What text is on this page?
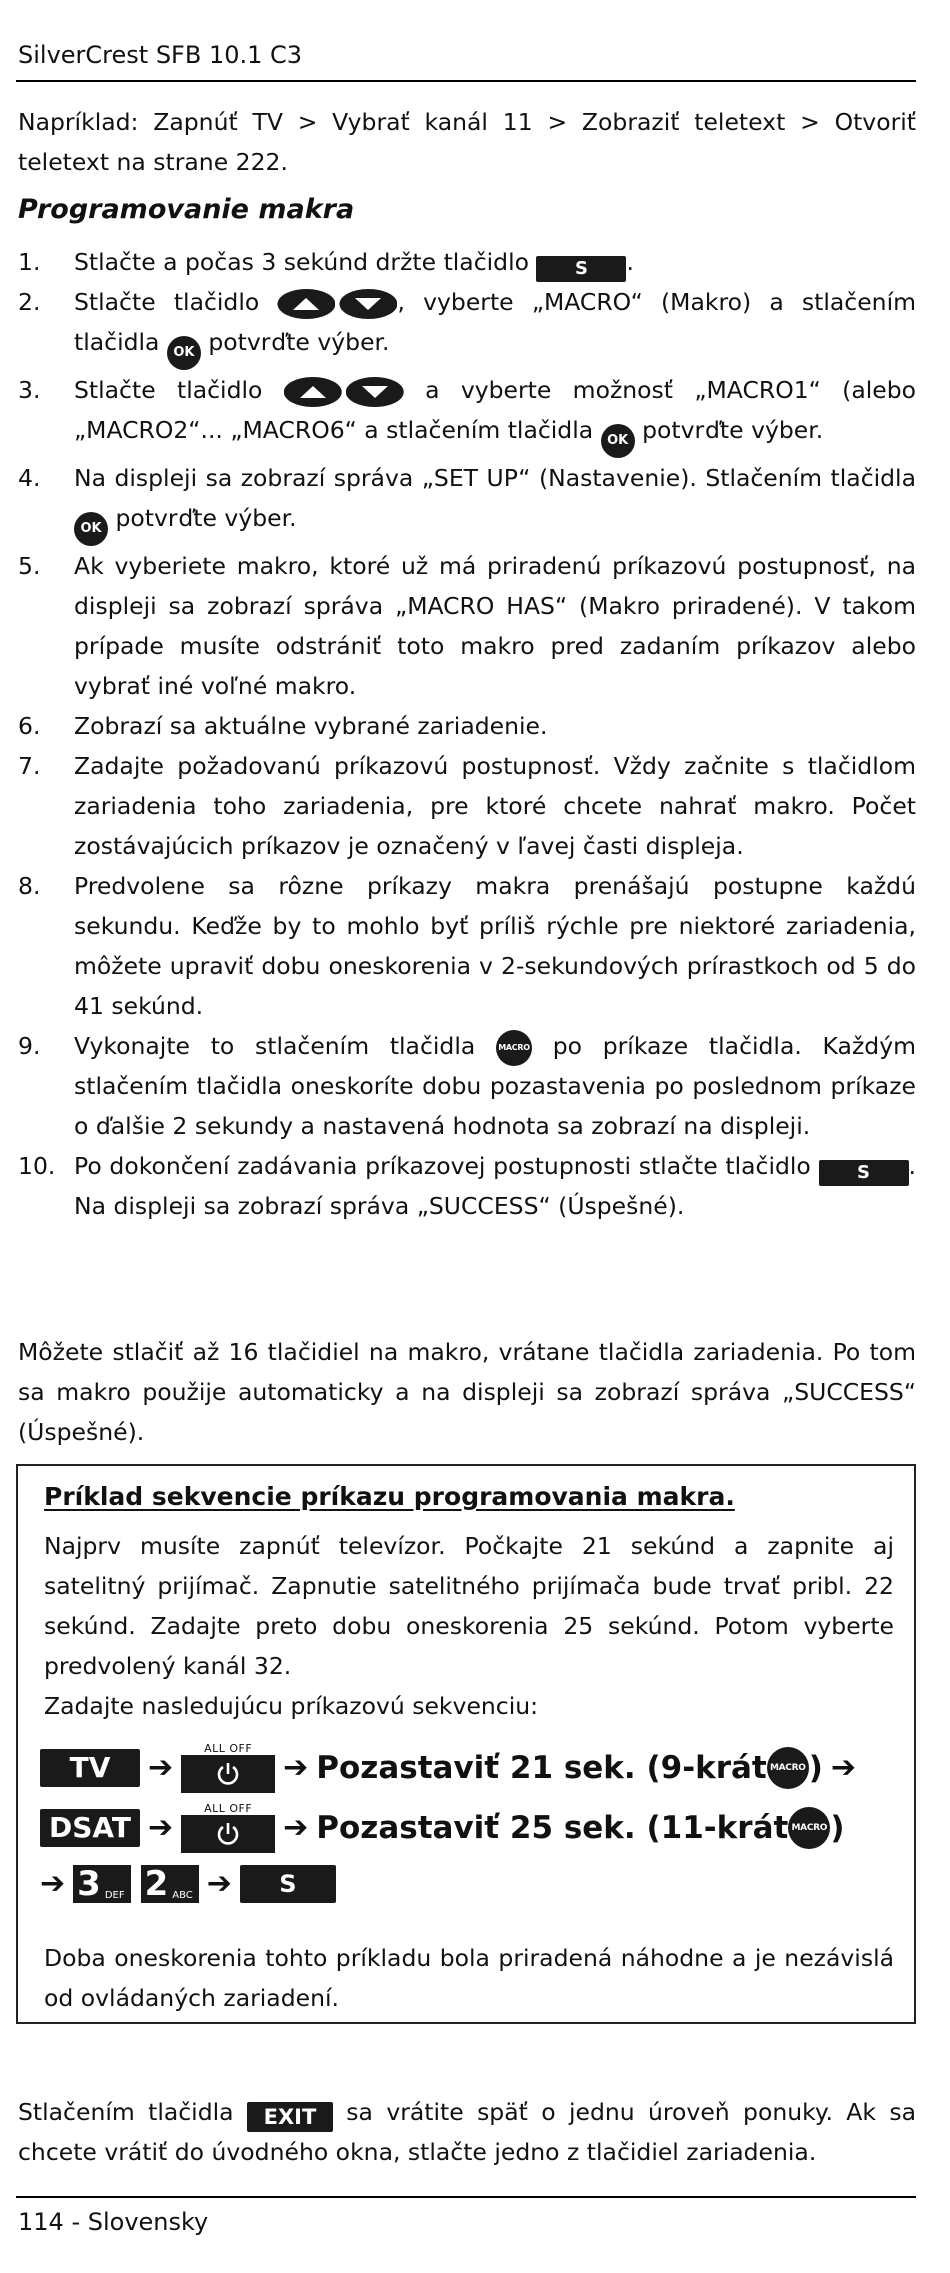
SilverCrest SFB 10.1 C3
Napríklad: Zapnúť TV > Vybrať kanál 11 > Zobraziť teletext > Otvoriť teletext na strane 222.
Programovanie makra
1. Stlačte a počas 3 sekúnd držte tlačidlo S .
2. Stlačte tlačidlo	, vyberte „MACRO“ (Makro) a stlačením tlačidla OK potvrďte výber.
3. Stlačte tlačidlo	a vyberte možnosť „MACRO1“ (alebo „MACRO2“... „MACRO6“ a stlačením tlačidla OK potvrďte výber.
4. Na displeji sa zobrazí správa „SET UP“ (Nastavenie). Stlačením tlačidla OK potvrďte výber.
5. Ak vyberiete makro, ktoré už má priradenú príkazovú postupnosť, na displeji sa zobrazí správa „MACRO HAS“ (Makro priradené). V takom prípade musíte odstrániť toto makro pred zadaním príkazov alebo vybrať iné voľné makro.
6. Zobrazí sa aktuálne vybrané zariadenie.
7. Zadajte požadovanú príkazovú postupnosť. Vždy začnite s tlačidlom zariadenia toho zariadenia, pre ktoré chcete nahrať makro. Počet zostávajúcich príkazov je označený v ľavej časti displeja.
8. Predvolene sa rôzne príkazy makra prenášajú postupne každú sekundu. Keďže by to mohlo byť príliš rýchle pre niektoré zariadenia, môžete upraviť dobu oneskorenia v 2-sekundových prírastkoch od 5 do 41 sekúnd.
9. Vykonajte to stlačením tlačidla MACRO po príkaze tlačidla. Každým stlačením tlačidla oneskoríte dobu pozastavenia po poslednom príkaze o ďalšie 2 sekundy a nastavená hodnota sa zobrazí na displeji.
10. Po dokončení zadávania príkazovej postupnosti stlačte tlačidlo S . Na displeji sa zobrazí správa „SUCCESS“ (Úspešné).
Môžete stlačiť až 16 tlačidiel na makro, vrátane tlačidla zariadenia. Po tom sa makro použije automaticky a na displeji sa zobrazí správa „SUCCESS“ (Úspešné).
Príklad sekvencie príkazu programovania makra.
Najprv musíte zapnúť televízor. Počkajte 21 sekúnd a zapnite aj satelitný prijímač. Zapnutie satelitného prijímača bude trvať pribl. 22 sekúnd. Zadajte preto dobu oneskorenia 25 sekúnd. Potom vyberte predvolený kanál 32.
Zadajte nasledujúcu príkazovú sekvenciu:
TV	➔
ALL OFF
➔ Pozastaviť 21 sek. (9-krát MACRO ) ➔
DSAT ➔
ALL OFF
➔ Pozastaviť 25 sek. (11-krát MACRO )
➔ 3 DEF 2 ABC ➔	S
Doba oneskorenia tohto príkladu bola priradená náhodne a je nezávislá od ovládaných zariadení.
Stlačením tlačidla EXIT sa vrátite späť o jednu úroveň ponuky. Ak sa chcete vrátiť do úvodného okna, stlačte jedno z tlačidiel zariadenia.
114 - Slovensky
